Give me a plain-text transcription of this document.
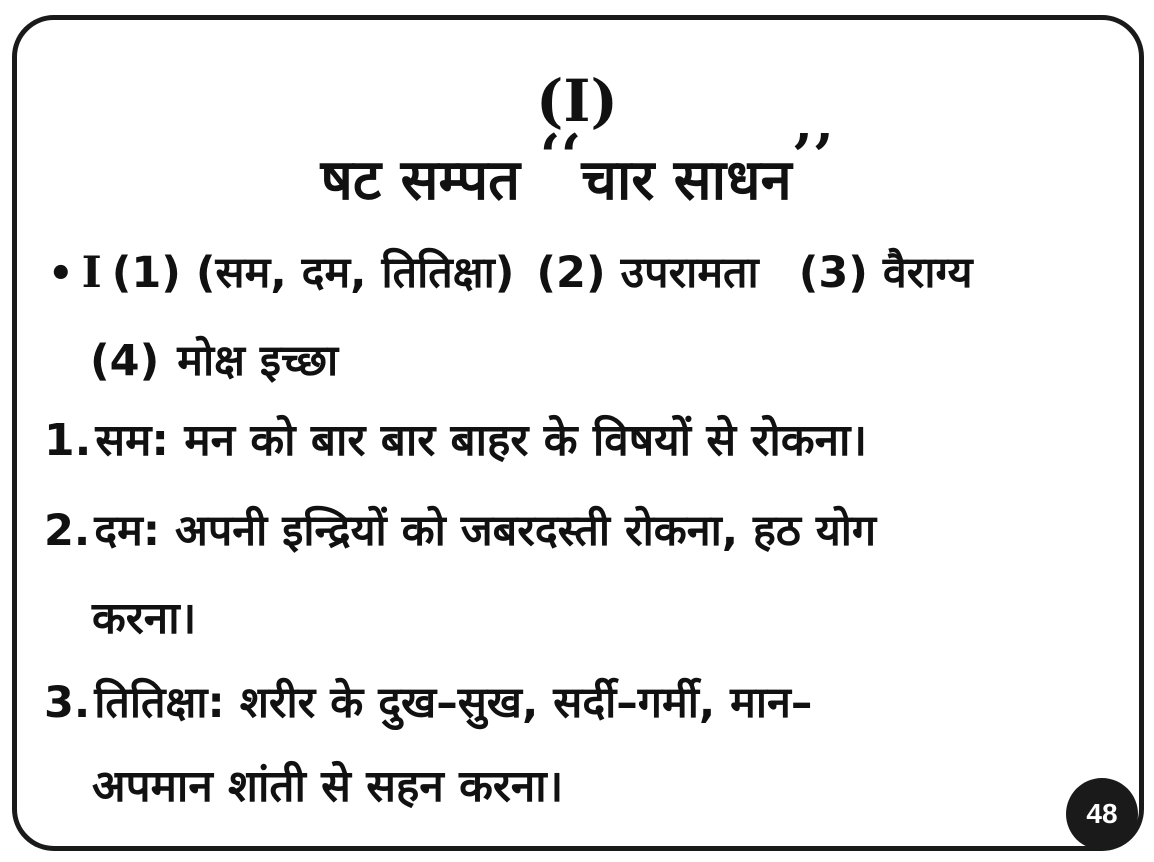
(I)
षट सम्पत ‘‘चार साधन’’
• I (1) (सम, दम, तितिक्षा) (2) उपरामता (3) वैराग्य
(4) मोक्ष इच्छा
1.सम: मन को बार बार बाहर के विषयों से रोकना।
2.दम: अपनी इन्द्रियों को जबरदस्ती रोकना, हठ योग
करना।
3.तितिक्षा: शरीर के दुख–सुख, सर्दी–गर्मी, मान–
अपमान शांती से सहन करना।
48
